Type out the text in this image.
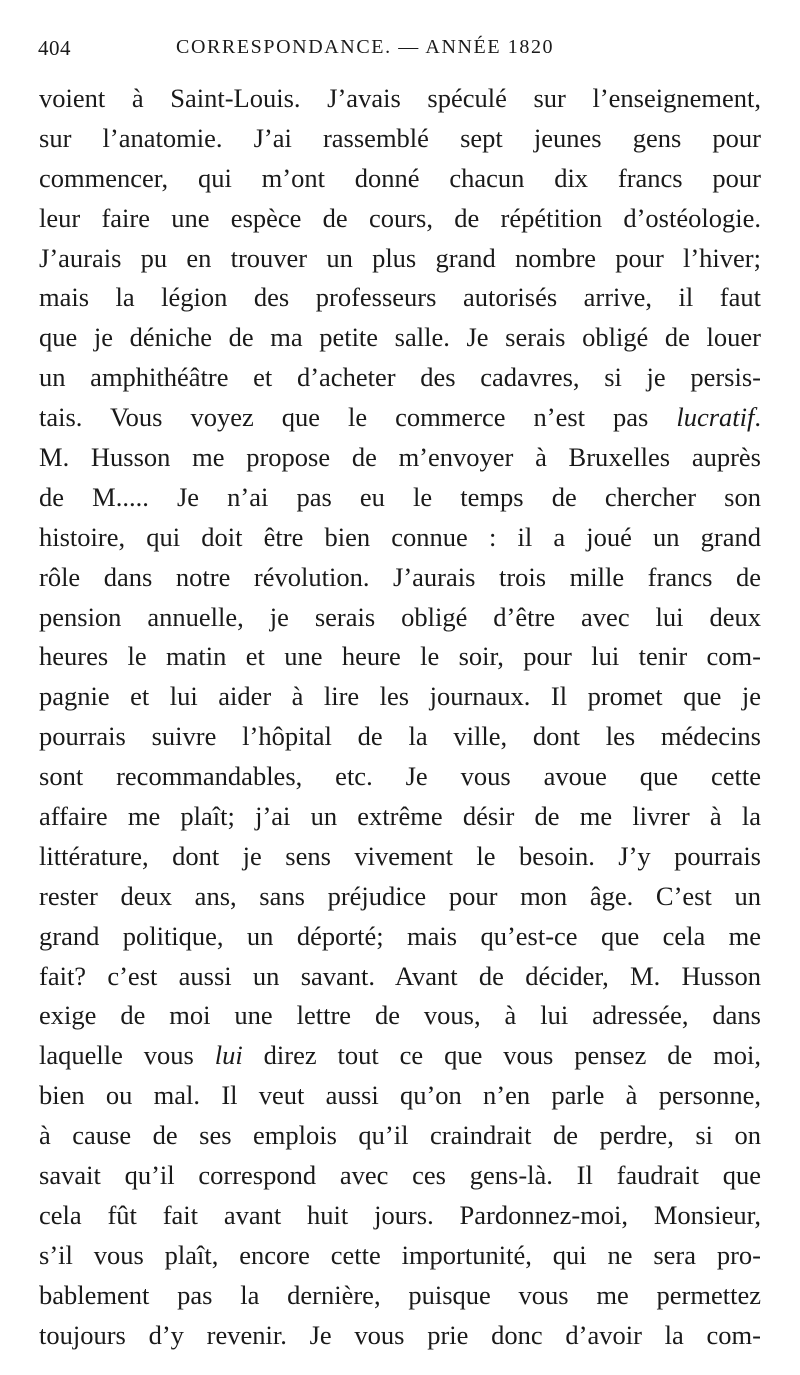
404	CORRESPONDANCE. — ANNÉE 1820
voient à Saint-Louis. J’avais spéculé sur l’enseignement,
sur l’anatomie. J’ai rassemblé sept jeunes gens pour
commencer, qui m’ont donné chacun dix francs pour
leur faire une espèce de cours, de répétition d’ostéologie.
J’aurais pu en trouver un plus grand nombre pour l’hiver;
mais la légion des professeurs autorisés arrive, il faut
que je déniche de ma petite salle. Je serais obligé de louer
un amphithéâtre et d’acheter des cadavres, si je persis-
tais. Vous voyez que le commerce n’est pas lucratif.
M. Husson me propose de m’envoyer à Bruxelles auprès
de M..... Je n’ai pas eu le temps de chercher son
histoire, qui doit être bien connue : il a joué un grand
rôle dans notre révolution. J’aurais trois mille francs de
pension annuelle, je serais obligé d’être avec lui deux
heures le matin et une heure le soir, pour lui tenir com-
pagnie et lui aider à lire les journaux. Il promet que je
pourrais suivre l’hôpital de la ville, dont les médecins
sont recommandables, etc. Je vous avoue que cette
affaire me plaît; j’ai un extrême désir de me livrer à la
littérature, dont je sens vivement le besoin. J’y pourrais
rester deux ans, sans préjudice pour mon âge. C’est un
grand politique, un déporté; mais qu’est-ce que cela me
fait? c’est aussi un savant. Avant de décider, M. Husson
exige de moi une lettre de vous, à lui adressée, dans
laquelle vous lui direz tout ce que vous pensez de moi,
bien ou mal. Il veut aussi qu’on n’en parle à personne,
à cause de ses emplois qu’il craindrait de perdre, si on
savait qu’il correspond avec ces gens-là. Il faudrait que
cela fût fait avant huit jours. Pardonnez-moi, Monsieur,
s’il vous plaît, encore cette importunité, qui ne sera pro-
bablement pas la dernière, puisque vous me permettez
toujours d’y revenir. Je vous prie donc d’avoir la com-
